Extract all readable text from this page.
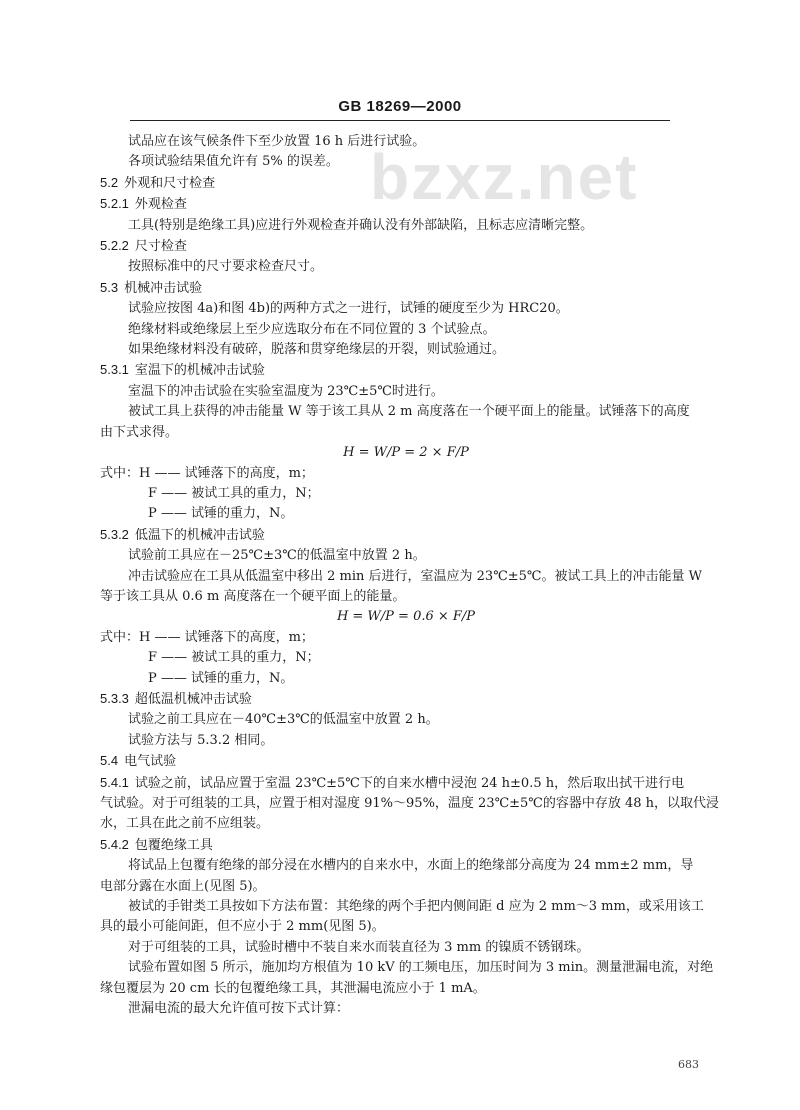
GB 18269—2000
bzxz.net
试品应在该气候条件下至少放置 16 h 后进行试验。
各项试验结果值允许有 5% 的误差。
5.2 外观和尺寸检查
5.2.1 外观检查
工具(特别是绝缘工具)应进行外观检查并确认没有外部缺陷，且标志应清晰完整。
5.2.2 尺寸检查
按照标准中的尺寸要求检查尺寸。
5.3 机械冲击试验
试验应按图 4a)和图 4b)的两种方式之一进行，试锤的硬度至少为 HRC20。
绝缘材料或绝缘层上至少应选取分布在不同位置的 3 个试验点。
如果绝缘材料没有破碎，脱落和贯穿绝缘层的开裂，则试验通过。
5.3.1 室温下的机械冲击试验
室温下的冲击试验在实验室温度为 23℃±5℃时进行。
被试工具上获得的冲击能量 W 等于该工具从 2 m 高度落在一个硬平面上的能量。试锤落下的高度
由下式求得。
H = W/P = 2 × F/P
式中：H —— 试锤落下的高度，m；
F —— 被试工具的重力，N；
P —— 试锤的重力，N。
5.3.2 低温下的机械冲击试验
试验前工具应在－25℃±3℃的低温室中放置 2 h。
冲击试验应在工具从低温室中移出 2 min 后进行，室温应为 23℃±5℃。被试工具上的冲击能量 W
等于该工具从 0.6 m 高度落在一个硬平面上的能量。
H = W/P = 0.6 × F/P
式中：H —— 试锤落下的高度，m；
F —— 被试工具的重力，N；
P —— 试锤的重力，N。
5.3.3 超低温机械冲击试验
试验之前工具应在－40℃±3℃的低温室中放置 2 h。
试验方法与 5.3.2 相同。
5.4 电气试验
5.4.1 试验之前，试品应置于室温 23℃±5℃下的自来水槽中浸泡 24 h±0.5 h，然后取出拭干进行电
气试验。对于可组装的工具，应置于相对湿度 91%～95%，温度 23℃±5℃的容器中存放 48 h，以取代浸
水，工具在此之前不应组装。
5.4.2 包覆绝缘工具
将试品上包覆有绝缘的部分浸在水槽内的自来水中，水面上的绝缘部分高度为 24 mm±2 mm，导
电部分露在水面上(见图 5)。
被试的手钳类工具按如下方法布置：其绝缘的两个手把内侧间距 d 应为 2 mm～3 mm，或采用该工
具的最小可能间距，但不应小于 2 mm(见图 5)。
对于可组装的工具，试验时槽中不装自来水而装直径为 3 mm 的镍质不锈钢珠。
试验布置如图 5 所示，施加均方根值为 10 kV 的工频电压，加压时间为 3 min。测量泄漏电流，对绝
缘包覆层为 20 cm 长的包覆绝缘工具，其泄漏电流应小于 1 mA。
泄漏电流的最大允许值可按下式计算：
683
